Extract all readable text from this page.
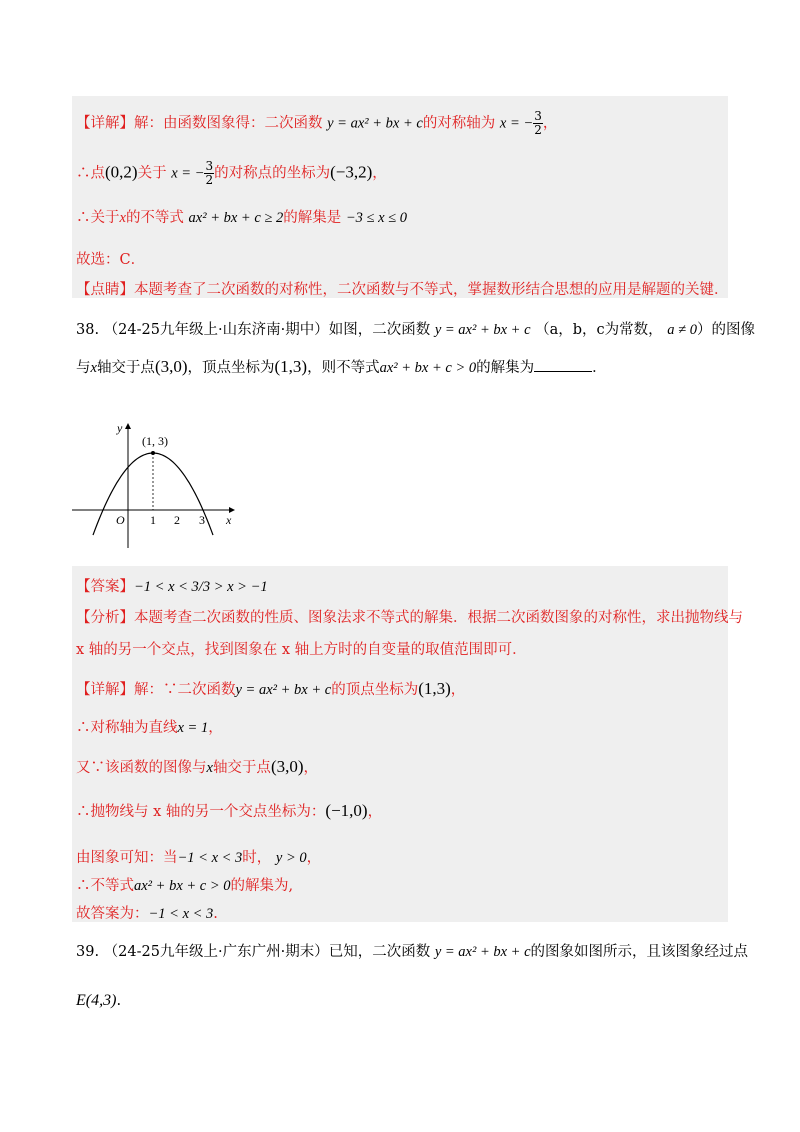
【详解】解：由函数图象得：二次函数 y = ax² + bx + c的对称轴为 x = − $\frac{3}{2}$ ，
∴点(0,2)关于 x = − $\frac{3}{2}$ 的对称点的坐标为(−3,2)，
∴关于x的不等式 ax² + bx + c ≥ 2的解集是 −3 ≤ x ≤ 0
故选：C．
【点睛】本题考查了二次函数的对称性，二次函数与不等式，掌握数形结合思想的应用是解题的关键．
38. （24-25九年级上·山东济南·期中）如图，二次函数 y = ax² + bx + c （a，b，c为常数， a ≠ 0）的图像
与x轴交于点(3,0)，顶点坐标为(1,3)，则不等式ax² + bx + c > 0的解集为	．
(1, 3)
y
x
O 1 2 3
【答案】−1 < x < 3/3 > x > −1
【分析】本题考查二次函数的性质、图象法求不等式的解集．根据二次函数图象的对称性，求出抛物线与
x 轴的另一个交点，找到图象在 x 轴上方时的自变量的取值范围即可．
【详解】解：∵二次函数y = ax² + bx + c的顶点坐标为(1,3)，
∴对称轴为直线x = 1，
又∵该函数的图像与x轴交于点(3,0)，
∴抛物线与 x 轴的另一个交点坐标为：(−1,0)，
由图象可知：当−1 < x < 3时， y > 0，
∴不等式ax² + bx + c > 0的解集为,
故答案为：−1 < x < 3.
39. （24-25九年级上·广东广州·期末）已知，二次函数 y = ax² + bx + c的图象如图所示，且该图象经过点
E(4,3).
